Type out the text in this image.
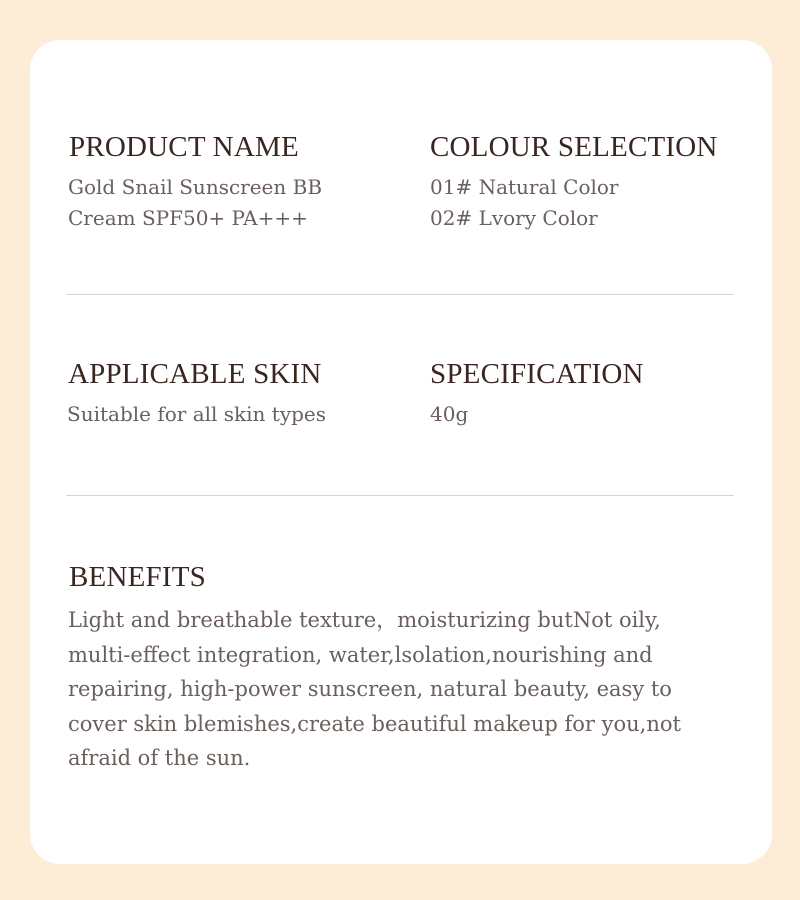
PRODUCT NAME

Gold Snail Sunscreen BB

Cream SPF50+ PA+++

COLOUR SELECTION

01# Natural Color

02# Lvory Color

APPLICABLE SKIN

Suitable for all skin types

SPECIFICATION

40g

BENEFITS

Light and breathable texture，moisturizing butNot oily,
multi-effect integration, water,lsolation,nourishing and
repairing, high-power sunscreen, natural beauty, easy to
cover skin blemishes,create beautiful makeup for you,not
afraid of the sun.
